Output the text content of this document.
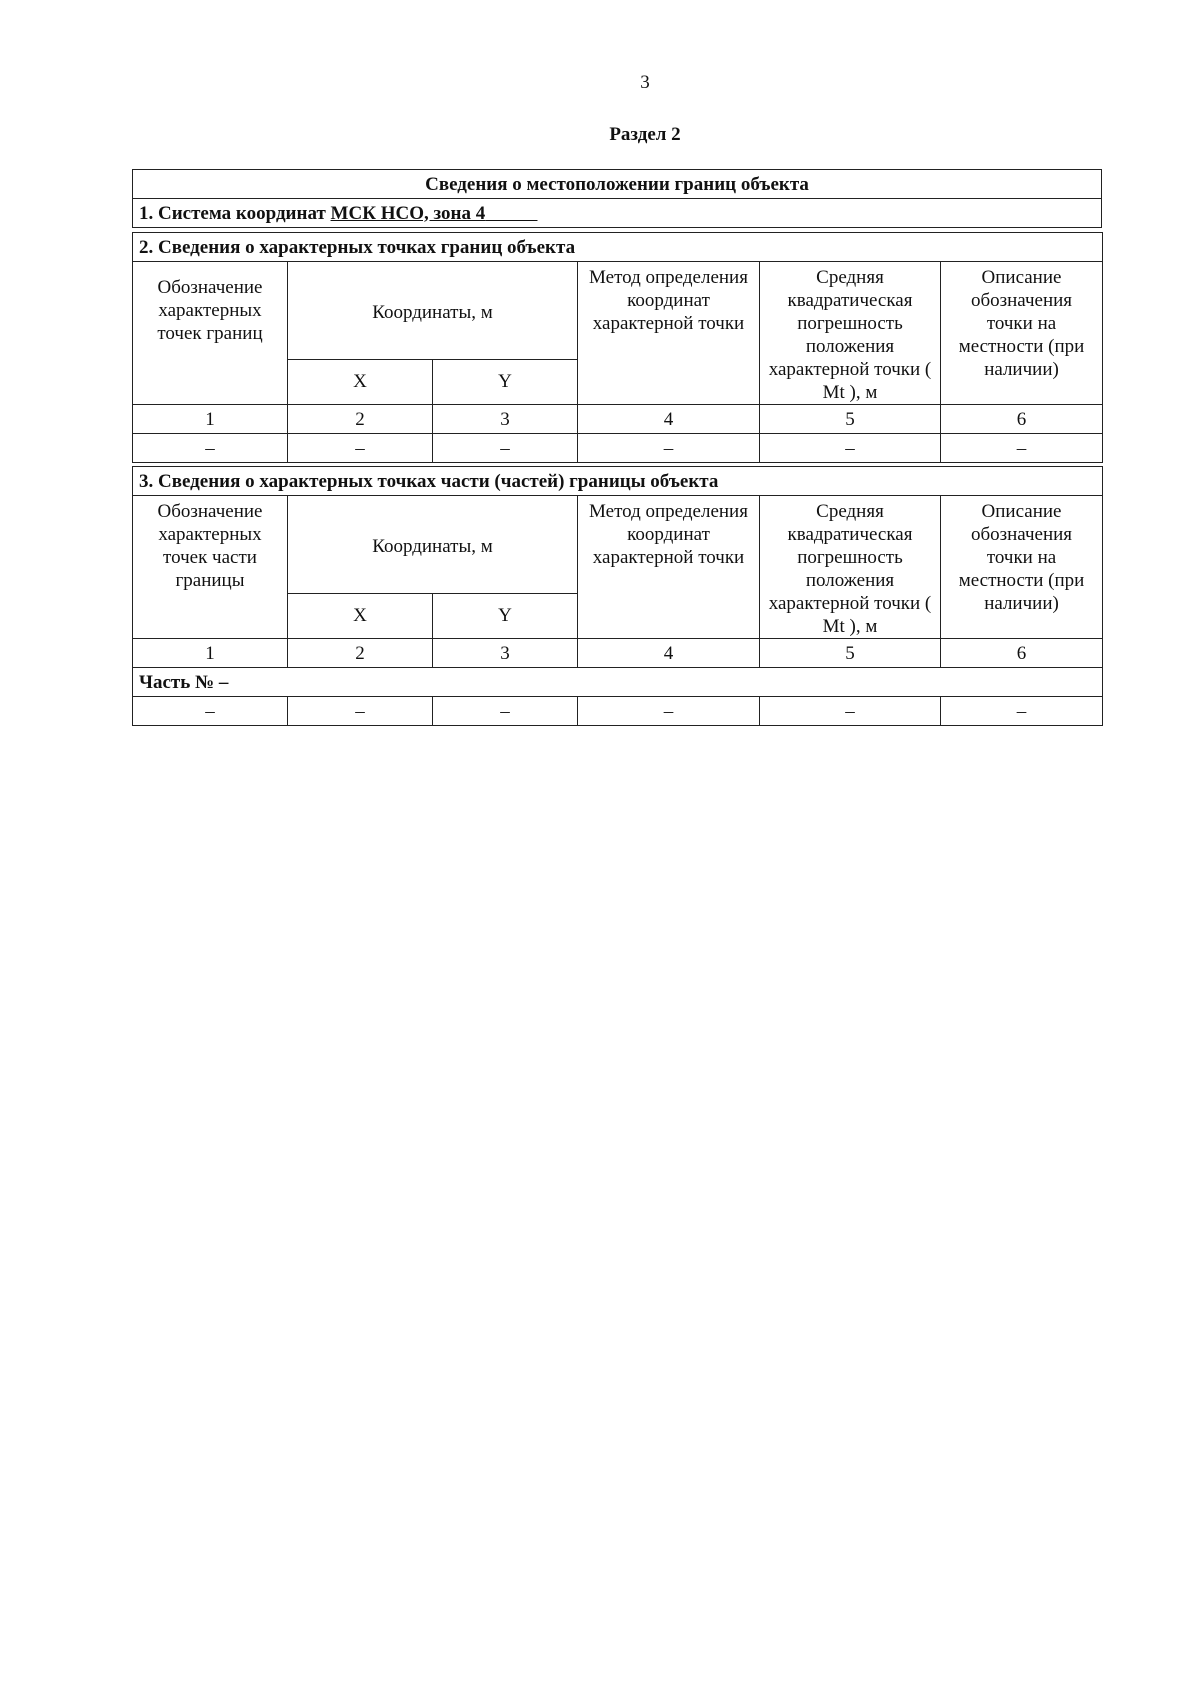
3
Раздел 2
Сведения о местоположении границ объекта
1. Система координат МСК НСО, зона 4
2. Сведения о характерных точках границ объекта					
Обозначение характерных точек границ	Координаты, м		Метод определения координат характерной точки	Средняя квадратическая погрешность положения характерной точки ( Mt ), м	Описание обозначения точки на местности (при наличии)
	X	Y			
1	2	3	4	5	6
–	–	–	–	–	–
3. Сведения о характерных точках части (частей) границы объекта					
Обозначение характерных точек части границы	Координаты, м		Метод определения координат характерной точки	Средняя квадратическая погрешность положения характерной точки ( Mt ), м	Описание обозначения точки на местности (при наличии)
	X	Y			
1	2	3	4	5	6
Часть № –					
–	–	–	–	–	–
